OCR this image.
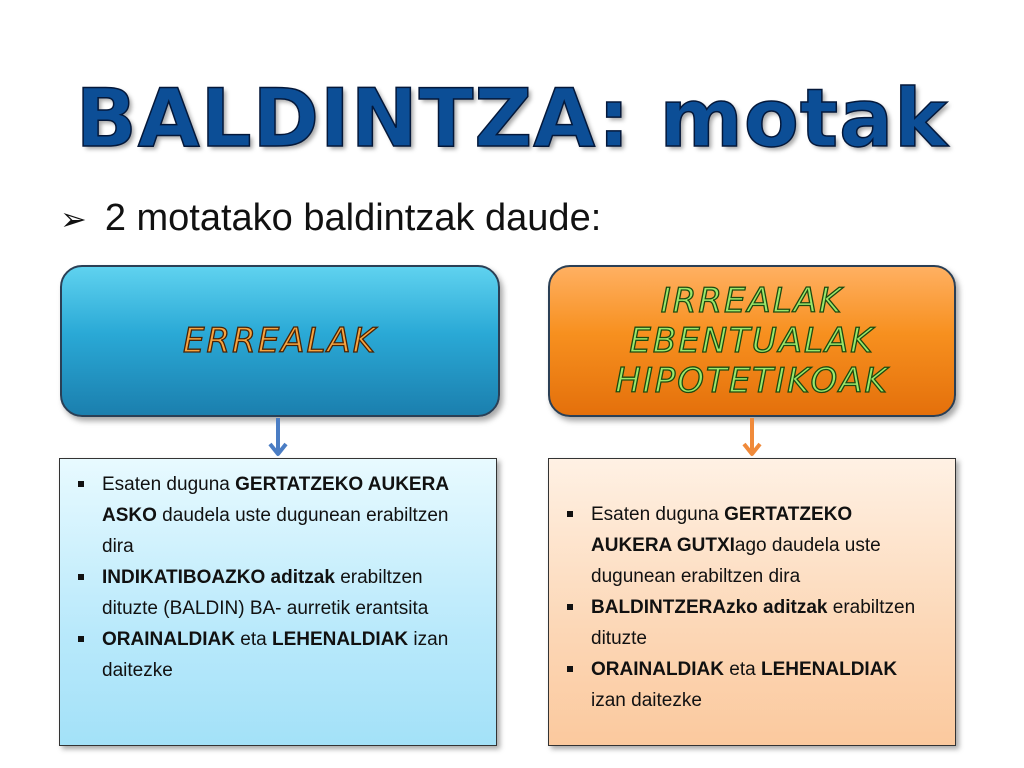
BALDINTZA: motak
➢ 2 motatako baldintzak daude:
ERREALAK
IRREALAK
EBENTUALAK
HIPOTETIKOAK
Esaten duguna GERTATZEKO AUKERA ASKO daudela uste dugunean erabiltzen dira
INDIKATIBOAZKO aditzak erabiltzen dituzte (BALDIN) BA- aurretik erantsita
ORAINALDIAK eta LEHENALDIAK izan daitezke
Esaten duguna GERTATZEKO AUKERA GUTXIago daudela uste dugunean erabiltzen dira
BALDINTZERAzko aditzak erabiltzen dituzte
ORAINALDIAK eta LEHENALDIAK izan daitezke
